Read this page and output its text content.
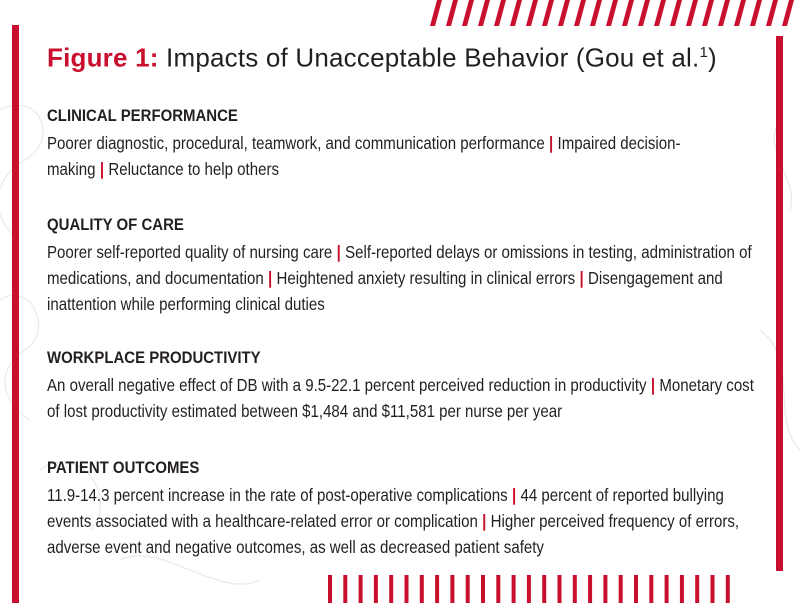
Figure 1: Impacts of Unacceptable Behavior (Gou et al.$^1$)
CLINICAL PERFORMANCE
Poorer diagnostic, procedural, teamwork, and communication performance | Impaired decision-making | Reluctance to help others
QUALITY OF CARE
Poorer self-reported quality of nursing care | Self-reported delays or omissions in testing, administration of medications, and documentation | Heightened anxiety resulting in clinical errors | Disengagement and inattention while performing clinical duties
WORKPLACE PRODUCTIVITY
An overall negative effect of DB with a 9.5-22.1 percent perceived reduction in productivity | Monetary cost of lost productivity estimated between $1,484 and $11,581 per nurse per year
PATIENT OUTCOMES
11.9-14.3 percent increase in the rate of post-operative complications | 44 percent of reported bullying events associated with a healthcare-related error or complication | Higher perceived frequency of errors, adverse event and negative outcomes, as well as decreased patient safety
